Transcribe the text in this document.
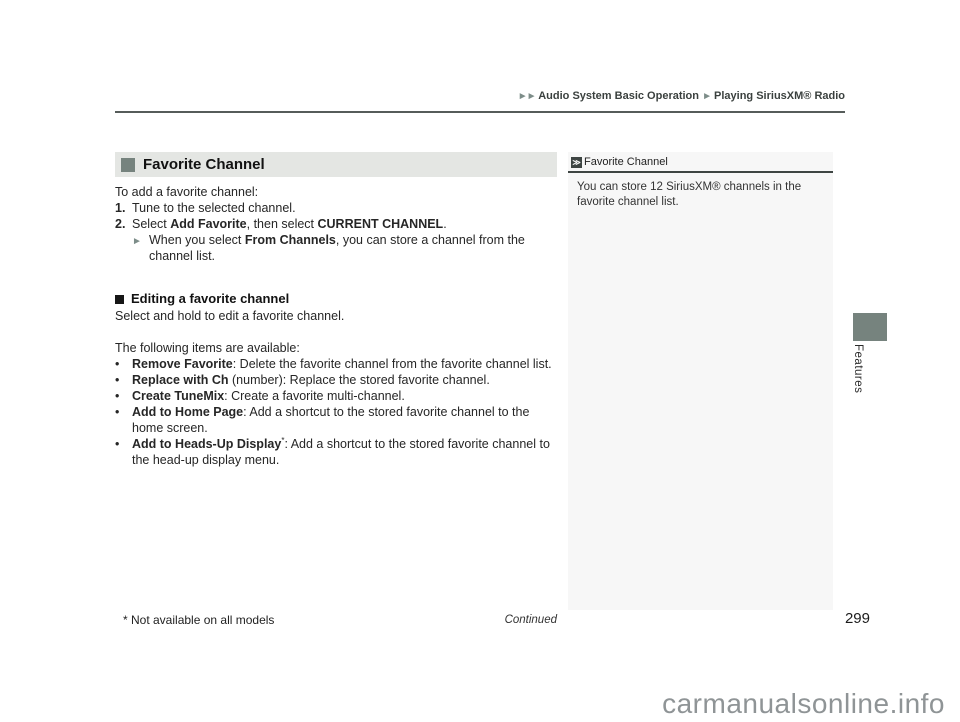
►► Audio System Basic Operation ► Playing SiriusXM® Radio
Favorite Channel
To add a favorite channel:
1. Tune to the selected channel.
2. Select Add Favorite, then select CURRENT CHANNEL.
► When you select From Channels, you can store a channel from the channel list.
Editing a favorite channel
Select and hold to edit a favorite channel.
The following items are available:
•	Remove Favorite: Delete the favorite channel from the favorite channel list.
•	Replace with Ch (number): Replace the stored favorite channel.
•	Create TuneMix: Create a favorite multi-channel.
•	Add to Home Page: Add a shortcut to the stored favorite channel to the home screen.
•	Add to Heads-Up Display*: Add a shortcut to the stored favorite channel to the head-up display menu.
≫ Favorite Channel

You can store 12 SiriusXM® channels in the favorite channel list.

Features
* Not available on all models	Continued	299
carmanualsonline.info
